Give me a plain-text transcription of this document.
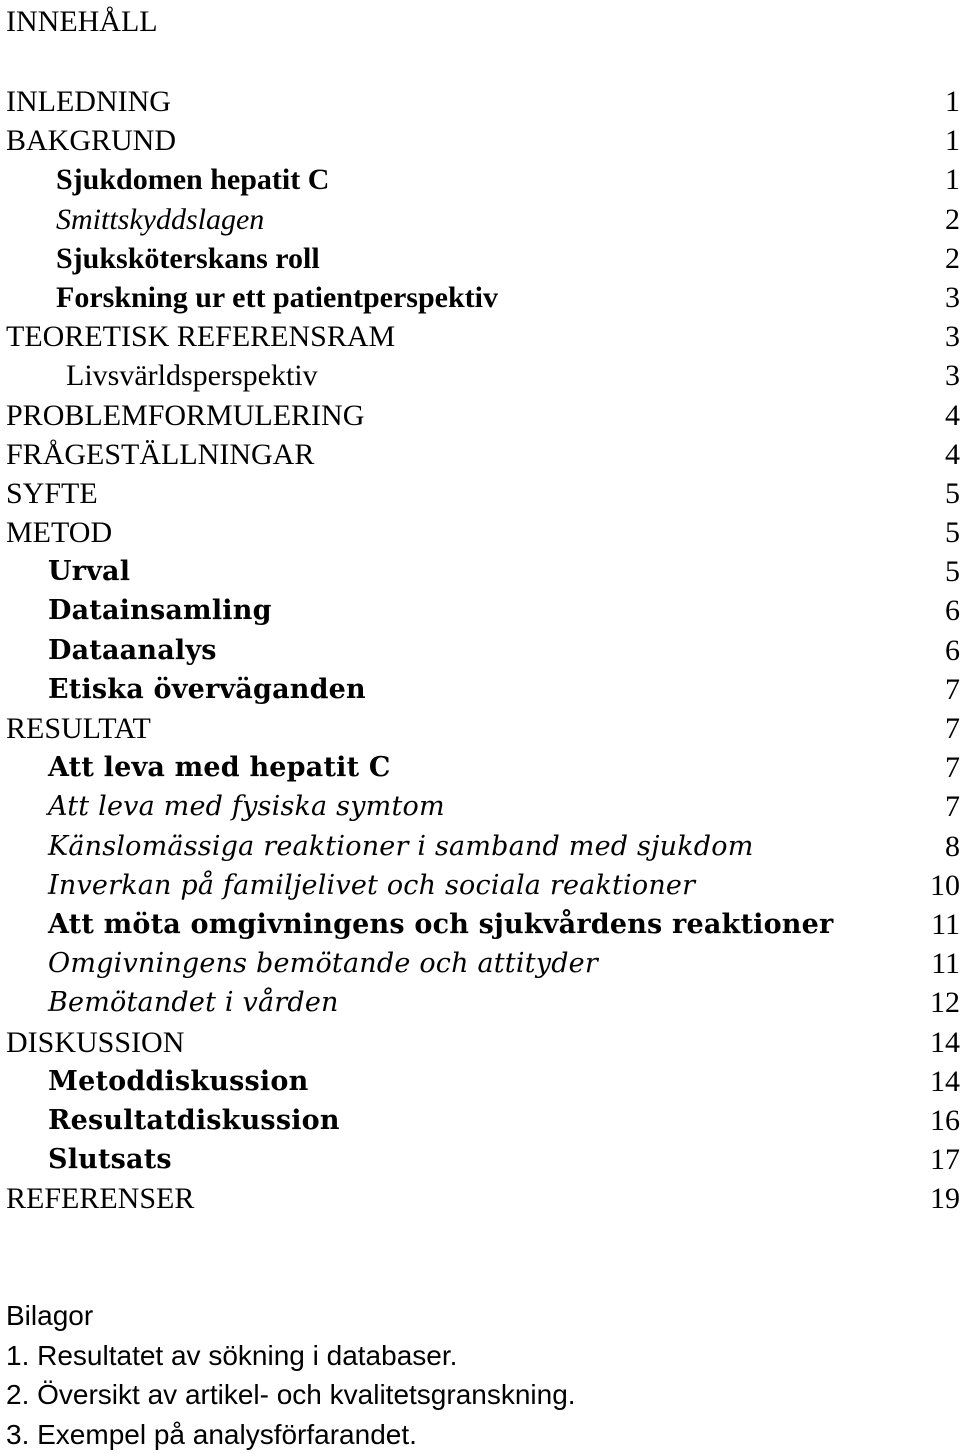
INNEHÅLL
INLEDNING	1
BAKGRUND	1
Sjukdomen hepatit C	1
Smittskyddslagen	2
Sjuksköterskans roll	2
Forskning ur ett patientperspektiv	3
TEORETISK REFERENSRAM	3
Livsvärldsperspektiv	3
PROBLEMFORMULERING	4
FRÅGESTÄLLNINGAR	4
SYFTE	5
METOD	5
Urval	5
Datainsamling	6
Dataanalys	6
Etiska överväganden	7
RESULTAT	7
Att leva med hepatit C	7
Att leva med fysiska symtom	7
Känslomässiga reaktioner i samband med sjukdom	8
Inverkan på familjelivet och sociala reaktioner	10
Att möta omgivningens och sjukvårdens reaktioner	11
Omgivningens bemötande och attityder	11
Bemötandet i vården	12
DISKUSSION	14
Metoddiskussion	14
Resultatdiskussion	16
Slutsats	17
REFERENSER	19
Bilagor
1. Resultatet av sökning i databaser.
2. Översikt av artikel- och kvalitetsgranskning.
3. Exempel på analysförfarandet.
